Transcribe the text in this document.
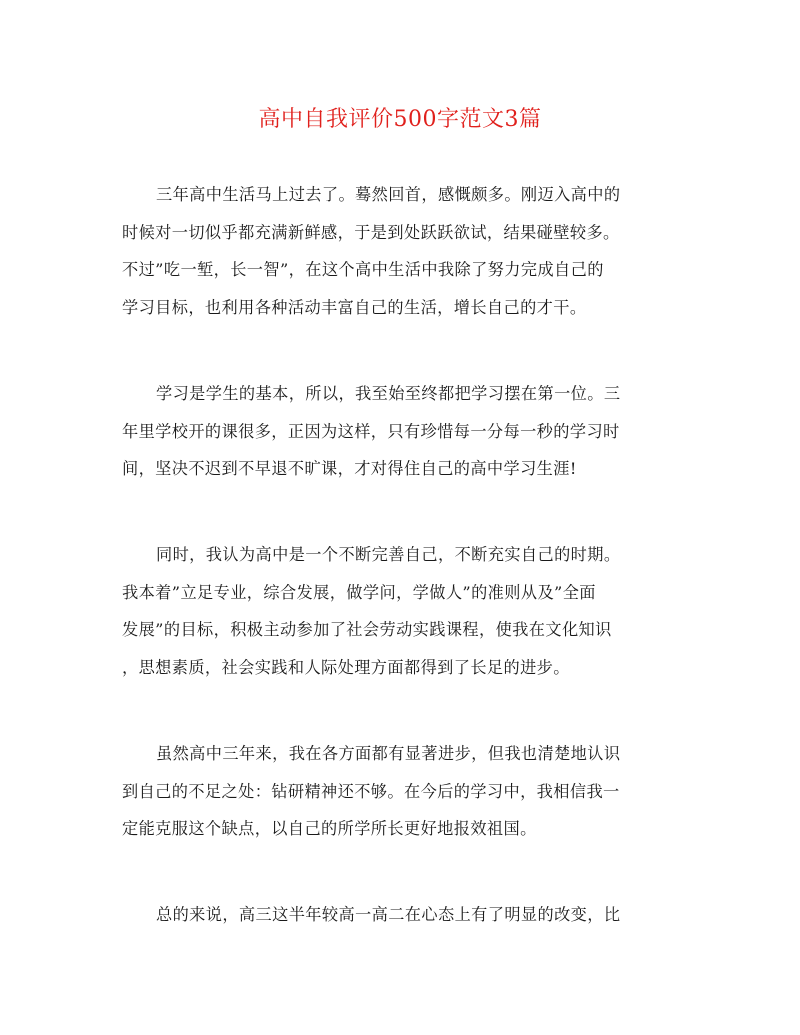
高中自我评价500字范文3篇
三年高中生活马上过去了。蓦然回首，感慨颇多。刚迈入高中的
时候对一切似乎都充满新鲜感，于是到处跃跃欲试，结果碰壁较多。
不过”吃一堑，长一智”，在这个高中生活中我除了努力完成自己的
学习目标，也利用各种活动丰富自己的生活，增长自己的才干。
学习是学生的基本，所以，我至始至终都把学习摆在第一位。三
年里学校开的课很多，正因为这样，只有珍惜每一分每一秒的学习时
间，坚决不迟到不早退不旷课，才对得住自己的高中学习生涯!
同时，我认为高中是一个不断完善自己，不断充实自己的时期。
我本着”立足专业，综合发展，做学问，学做人”的准则从及”全面
发展”的目标，积极主动参加了社会劳动实践课程，使我在文化知识
，思想素质，社会实践和人际处理方面都得到了长足的进步。
虽然高中三年来，我在各方面都有显著进步，但我也清楚地认识
到自己的不足之处：钻研精神还不够。在今后的学习中，我相信我一
定能克服这个缺点，以自己的所学所长更好地报效祖国。
总的来说，高三这半年较高一高二在心态上有了明显的改变，比
